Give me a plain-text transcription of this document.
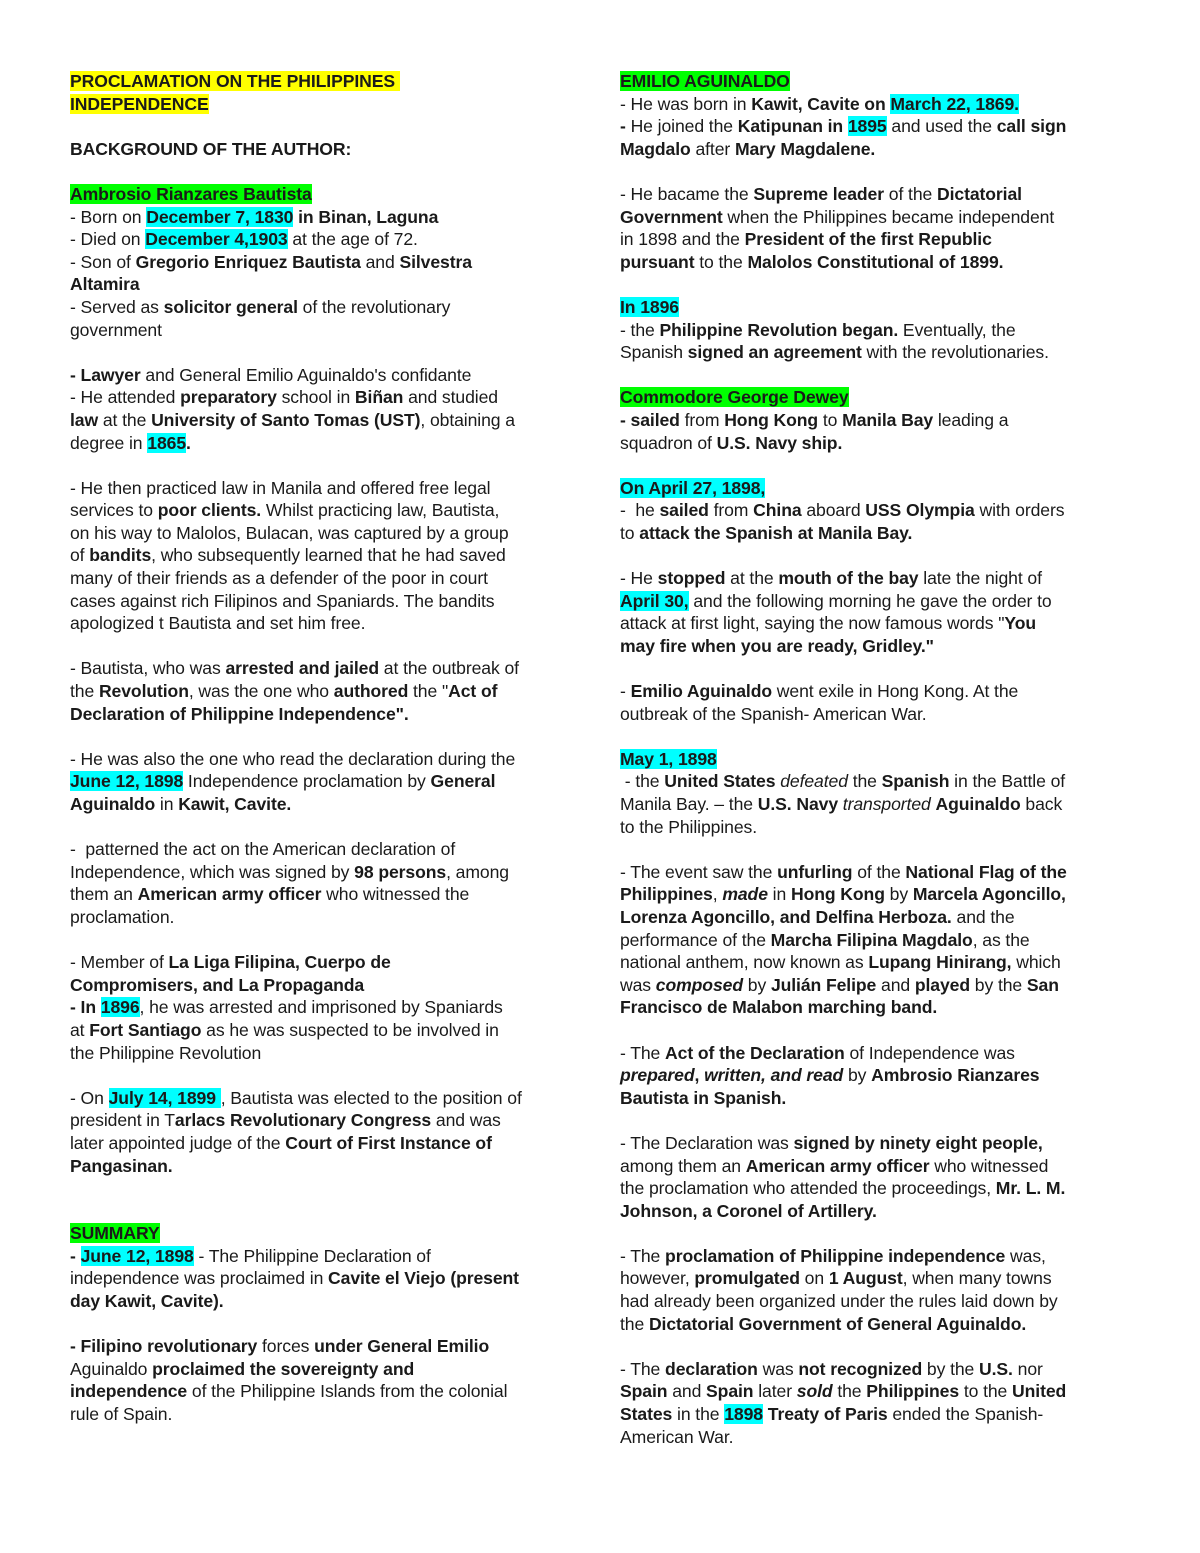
PROCLAMATION ON THE PHILIPPINES
INDEPENDENCE
BACKGROUND OF THE AUTHOR:
Ambrosio Rianzares Bautista
- Born on December 7, 1830 in Binan, Laguna
- Died on December 4,1903 at the age of 72.
- Son of Gregorio Enriquez Bautista and Silvestra
Altamira
- Served as solicitor general of the revolutionary
government
- Lawyer and General Emilio Aguinaldo's confidante
- He attended preparatory school in Biñan and studied
law at the University of Santo Tomas (UST), obtaining a
degree in 1865.
- He then practiced law in Manila and offered free legal
services to poor clients. Whilst practicing law, Bautista,
on his way to Malolos, Bulacan, was captured by a group
of bandits, who subsequently learned that he had saved
many of their friends as a defender of the poor in court
cases against rich Filipinos and Spaniards. The bandits
apologized t Bautista and set him free.
- Bautista, who was arrested and jailed at the outbreak of
the Revolution, was the one who authored the "Act of
Declaration of Philippine Independence".
- He was also the one who read the declaration during the
June 12, 1898 Independence proclamation by General
Aguinaldo in Kawit, Cavite.
-  patterned the act on the American declaration of
Independence, which was signed by 98 persons, among
them an American army officer who witnessed the
proclamation.
- Member of La Liga Filipina, Cuerpo de
Compromisers, and La Propaganda
- In 1896, he was arrested and imprisoned by Spaniards
at Fort Santiago as he was suspected to be involved in
the Philippine Revolution
- On July 14, 1899 , Bautista was elected to the position of
president in Tarlacs Revolutionary Congress and was
later appointed judge of the Court of First Instance of
Pangasinan.
SUMMARY
- June 12, 1898 - The Philippine Declaration of
independence was proclaimed in Cavite el Viejo (present
day Kawit, Cavite).
- Filipino revolutionary forces under General Emilio
Aguinaldo proclaimed the sovereignty and
independence of the Philippine Islands from the colonial
rule of Spain.
EMILIO AGUINALDO
- He was born in Kawit, Cavite on March 22, 1869.
- He joined the Katipunan in 1895 and used the call sign
Magdalo after Mary Magdalene.
- He bacame the Supreme leader of the Dictatorial
Government when the Philippines became independent
in 1898 and the President of the first Republic
pursuant to the Malolos Constitutional of 1899.
In 1896
- the Philippine Revolution began. Eventually, the
Spanish signed an agreement with the revolutionaries.
Commodore George Dewey
- sailed from Hong Kong to Manila Bay leading a
squadron of U.S. Navy ship.
On April 27, 1898,
-  he sailed from China aboard USS Olympia with orders
to attack the Spanish at Manila Bay.
- He stopped at the mouth of the bay late the night of
April 30, and the following morning he gave the order to
attack at first light, saying the now famous words "You
may fire when you are ready, Gridley."
- Emilio Aguinaldo went exile in Hong Kong. At the
outbreak of the Spanish- American War.
May 1, 1898
- the United States defeated the Spanish in the Battle of
Manila Bay. – the U.S. Navy transported Aguinaldo back
to the Philippines.
- The event saw the unfurling of the National Flag of the
Philippines, made in Hong Kong by Marcela Agoncillo,
Lorenza Agoncillo, and Delfina Herboza. and the
performance of the Marcha Filipina Magdalo, as the
national anthem, now known as Lupang Hinirang, which
was composed by Julián Felipe and played by the San
Francisco de Malabon marching band.
- The Act of the Declaration of Independence was
prepared, written, and read by Ambrosio Rianzares
Bautista in Spanish.
- The Declaration was signed by ninety eight people,
among them an American army officer who witnessed
the proclamation who attended the proceedings, Mr. L. M.
Johnson, a Coronel of Artillery.
- The proclamation of Philippine independence was,
however, promulgated on 1 August, when many towns
had already been organized under the rules laid down by
the Dictatorial Government of General Aguinaldo.
- The declaration was not recognized by the U.S. nor
Spain and Spain later sold the Philippines to the United
States in the 1898 Treaty of Paris ended the Spanish-
American War.
